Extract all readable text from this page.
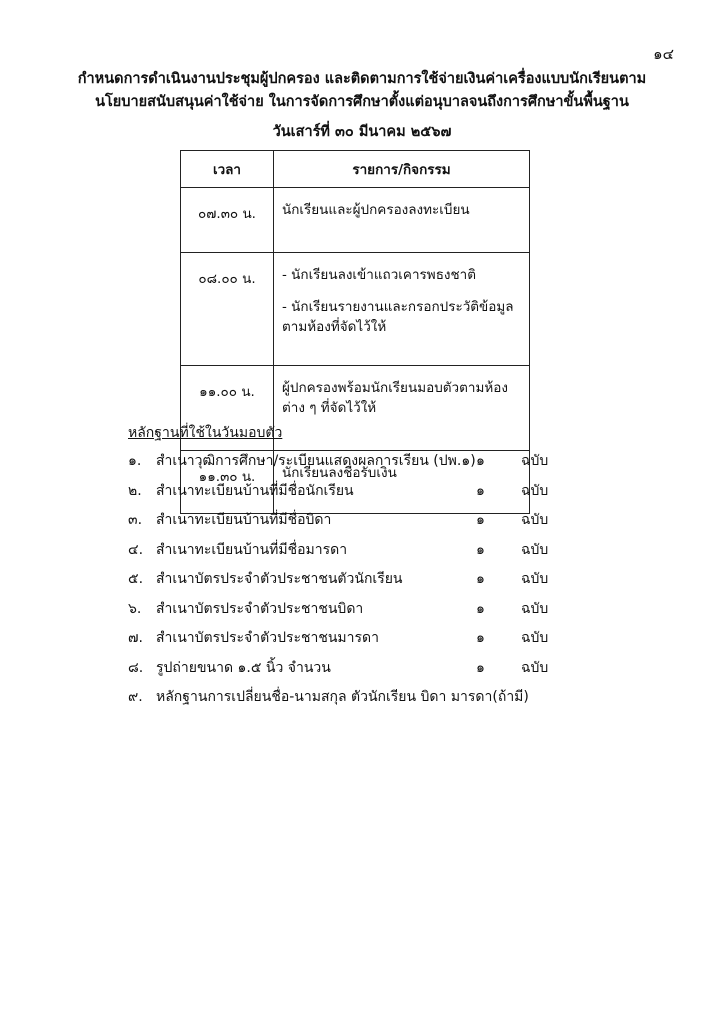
๑๔
กำหนดการดำเนินงานประชุมผู้ปกครอง และติดตามการใช้จ่ายเงินค่าเครื่องแบบนักเรียนตาม
นโยบายสนับสนุนค่าใช้จ่าย ในการจัดการศึกษาตั้งแต่อนุบาลจนถึงการศึกษาขั้นพื้นฐาน
วันเสาร์ที่ ๓๐ มีนาคม ๒๕๖๗
เวลา	รายการ/กิจกรรม
๐๗.๓๐ น.	นักเรียนและผู้ปกครองลงทะเบียน

๐๘.๐๐ น.	- นักเรียนลงเข้าแถวเคารพธงชาติ
- นักเรียนรายงานและกรอกประวัติข้อมูลตามห้องที่จัดไว้ให้

๑๑.๐๐ น.	ผู้ปกครองพร้อมนักเรียนมอบตัวตามห้องต่าง ๆ ที่จัดไว้ให้

๑๑.๓๐ น.	นักเรียนลงชื่อรับเงิน
หลักฐานที่ใช้ในวันมอบตัว
๑.	สำเนาวุฒิการศึกษา/ระเบียนแสดงผลการเรียน (ปพ.๑) ๑	ฉบับ
๒.	สำเนาทะเบียนบ้านที่มีชื่อนักเรียน	๑	ฉบับ
๓. สำเนาทะเบียนบ้านที่มีชื่อบิดา	๑	ฉบับ
๔. สำเนาทะเบียนบ้านที่มีชื่อมารดา	๑	ฉบับ
๕. สำเนาบัตรประจำตัวประชาชนตัวนักเรียน	๑	ฉบับ
๖.	สำเนาบัตรประจำตัวประชาชนบิดา	๑	ฉบับ
๗. สำเนาบัตรประจำตัวประชาชนมารดา	๑	ฉบับ
๘. รูปถ่ายขนาด ๑.๕ นิ้ว จำนวน	๑	ฉบับ
๙. หลักฐานการเปลี่ยนชื่อ-นามสกุล ตัวนักเรียน บิดา มารดา(ถ้ามี)
